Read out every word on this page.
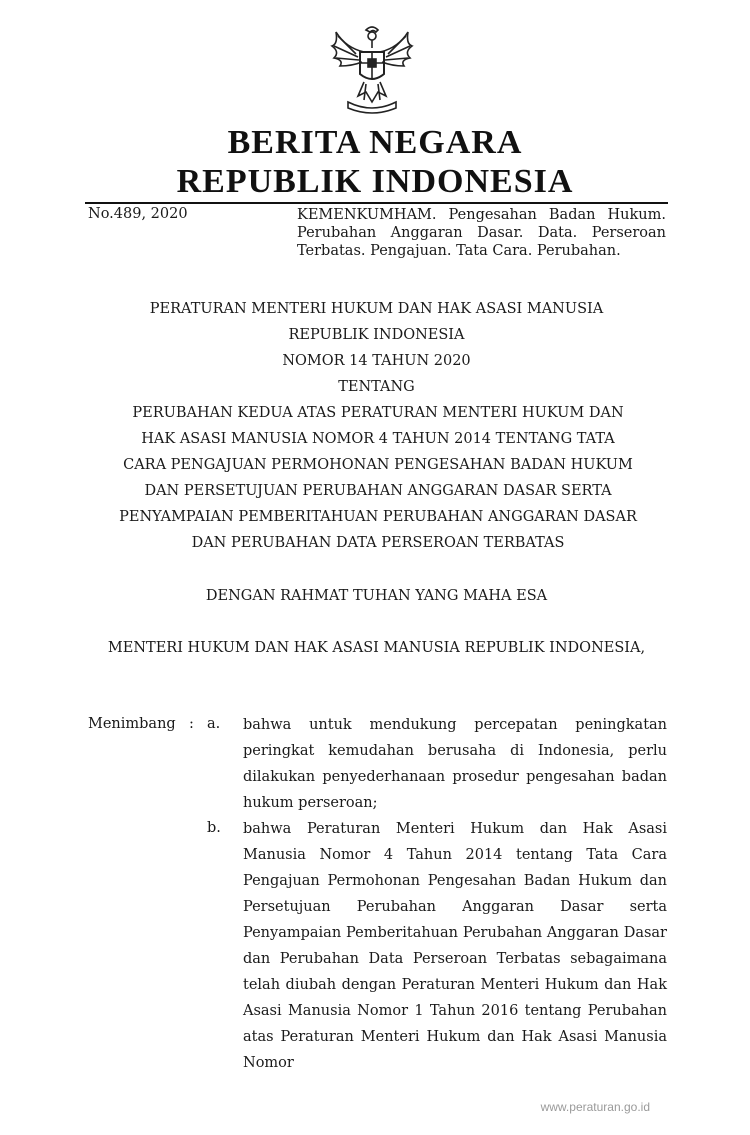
BERITA NEGARA
REPUBLIK INDONESIA
No.489, 2020	KEMENKUMHAM. Pengesahan Badan Hukum. Perubahan Anggaran Dasar. Data. Perseroan Terbatas. Pengajuan. Tata Cara. Perubahan.
PERATURAN MENTERI HUKUM DAN HAK ASASI MANUSIA
REPUBLIK INDONESIA
NOMOR 14 TAHUN 2020
TENTANG
PERUBAHAN KEDUA ATAS PERATURAN MENTERI HUKUM DAN HAK ASASI MANUSIA NOMOR 4 TAHUN 2014 TENTANG TATA CARA PENGAJUAN PERMOHONAN PENGESAHAN BADAN HUKUM DAN PERSETUJUAN PERUBAHAN ANGGARAN DASAR SERTA PENYAMPAIAN PEMBERITAHUAN PERUBAHAN ANGGARAN DASAR DAN PERUBAHAN DATA PERSEROAN TERBATAS
DENGAN RAHMAT TUHAN YANG MAHA ESA
MENTERI HUKUM DAN HAK ASASI MANUSIA REPUBLIK INDONESIA,
Menimbang : a. bahwa untuk mendukung percepatan peningkatan peringkat kemudahan berusaha di Indonesia, perlu dilakukan penyederhanaan prosedur pengesahan badan hukum perseroan;
b. bahwa Peraturan Menteri Hukum dan Hak Asasi Manusia Nomor 4 Tahun 2014 tentang Tata Cara Pengajuan Permohonan Pengesahan Badan Hukum dan Persetujuan Perubahan Anggaran Dasar serta Penyampaian Pemberitahuan Perubahan Anggaran Dasar dan Perubahan Data Perseroan Terbatas sebagaimana telah diubah dengan Peraturan Menteri Hukum dan Hak Asasi Manusia Nomor 1 Tahun 2016 tentang Perubahan atas Peraturan Menteri Hukum dan Hak Asasi Manusia Nomor
www.peraturan.go.id
